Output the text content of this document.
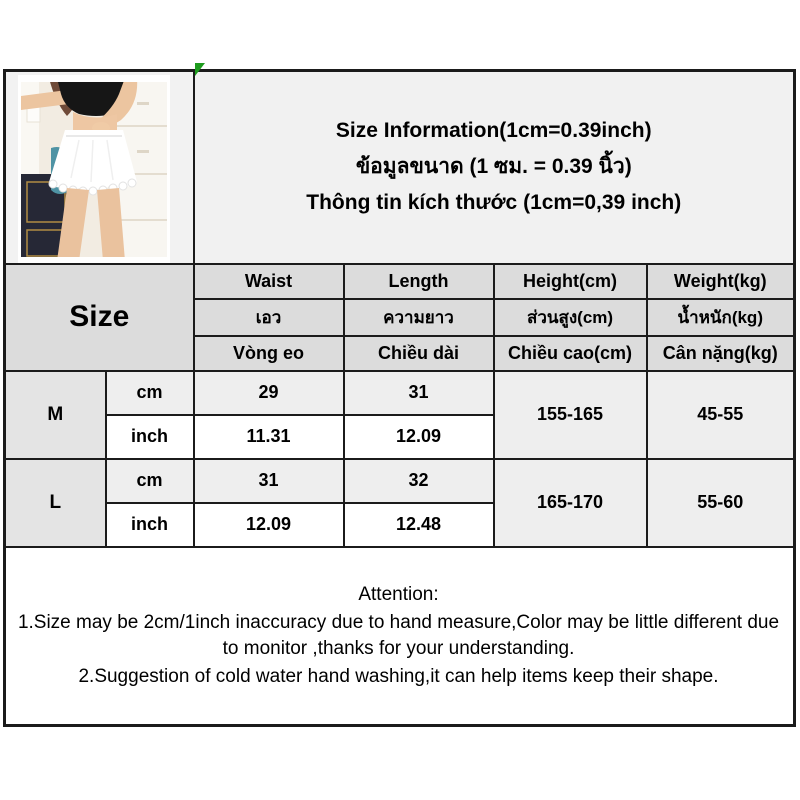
Size Information(1cm=0.39inch)
ข้อมูลขนาด (1 ซม. = 0.39 นิ้ว)
Thông tin kích thước (1cm=0,39 inch)			

Size		Waist	Length	Height(cm)	Weight(kg)
		เอว	ความยาว	ส่วนสูง(cm)	น้ำหนัก(kg)
		Vòng eo	Chiều dài	Chiều cao(cm)	Cân nặng(kg)
M	cm	29	31	155-165	45-55
	inch	11.31	12.09		
L	cm	31	32	165-170	55-60
	inch	12.09	12.48		

Attention:
1.Size may be 2cm/1inch inaccuracy due to hand measure,Color may be little different due to monitor ,thanks for your understanding.
2.Suggestion of cold water hand washing,it can help items keep their shape.					
